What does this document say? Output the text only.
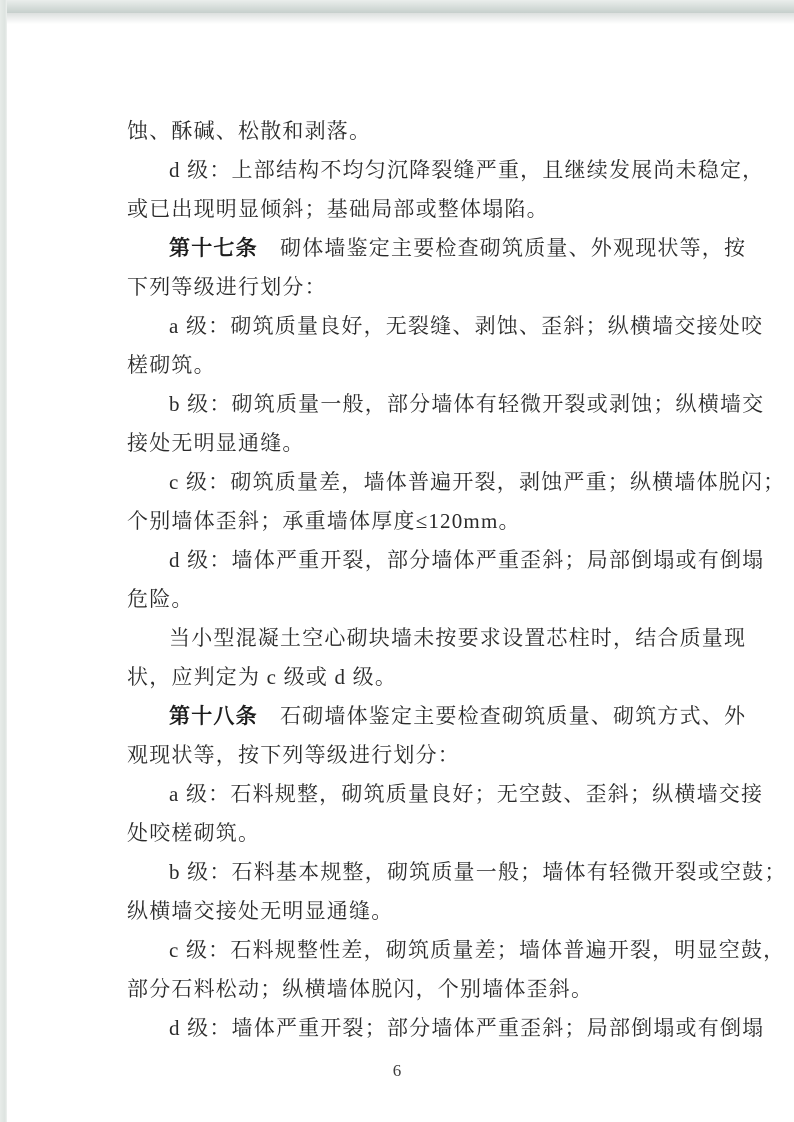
蚀、酥碱、松散和剥落。
d 级：上部结构不均匀沉降裂缝严重，且继续发展尚未稳定，
或已出现明显倾斜；基础局部或整体塌陷。
第十七条　砌体墙鉴定主要检查砌筑质量、外观现状等，按
下列等级进行划分：
a 级：砌筑质量良好，无裂缝、剥蚀、歪斜；纵横墙交接处咬
槎砌筑。
b 级：砌筑质量一般，部分墙体有轻微开裂或剥蚀；纵横墙交
接处无明显通缝。
c 级：砌筑质量差，墙体普遍开裂，剥蚀严重；纵横墙体脱闪；
个别墙体歪斜；承重墙体厚度≤120mm。
d 级：墙体严重开裂，部分墙体严重歪斜；局部倒塌或有倒塌
危险。
当小型混凝土空心砌块墙未按要求设置芯柱时，结合质量现
状，应判定为 c 级或 d 级。
第十八条　石砌墙体鉴定主要检查砌筑质量、砌筑方式、外
观现状等，按下列等级进行划分：
a 级：石料规整，砌筑质量良好；无空鼓、歪斜；纵横墙交接
处咬槎砌筑。
b 级：石料基本规整，砌筑质量一般；墙体有轻微开裂或空鼓；
纵横墙交接处无明显通缝。
c 级：石料规整性差，砌筑质量差；墙体普遍开裂，明显空鼓，
部分石料松动；纵横墙体脱闪，个别墙体歪斜。
d 级：墙体严重开裂；部分墙体严重歪斜；局部倒塌或有倒塌
6
